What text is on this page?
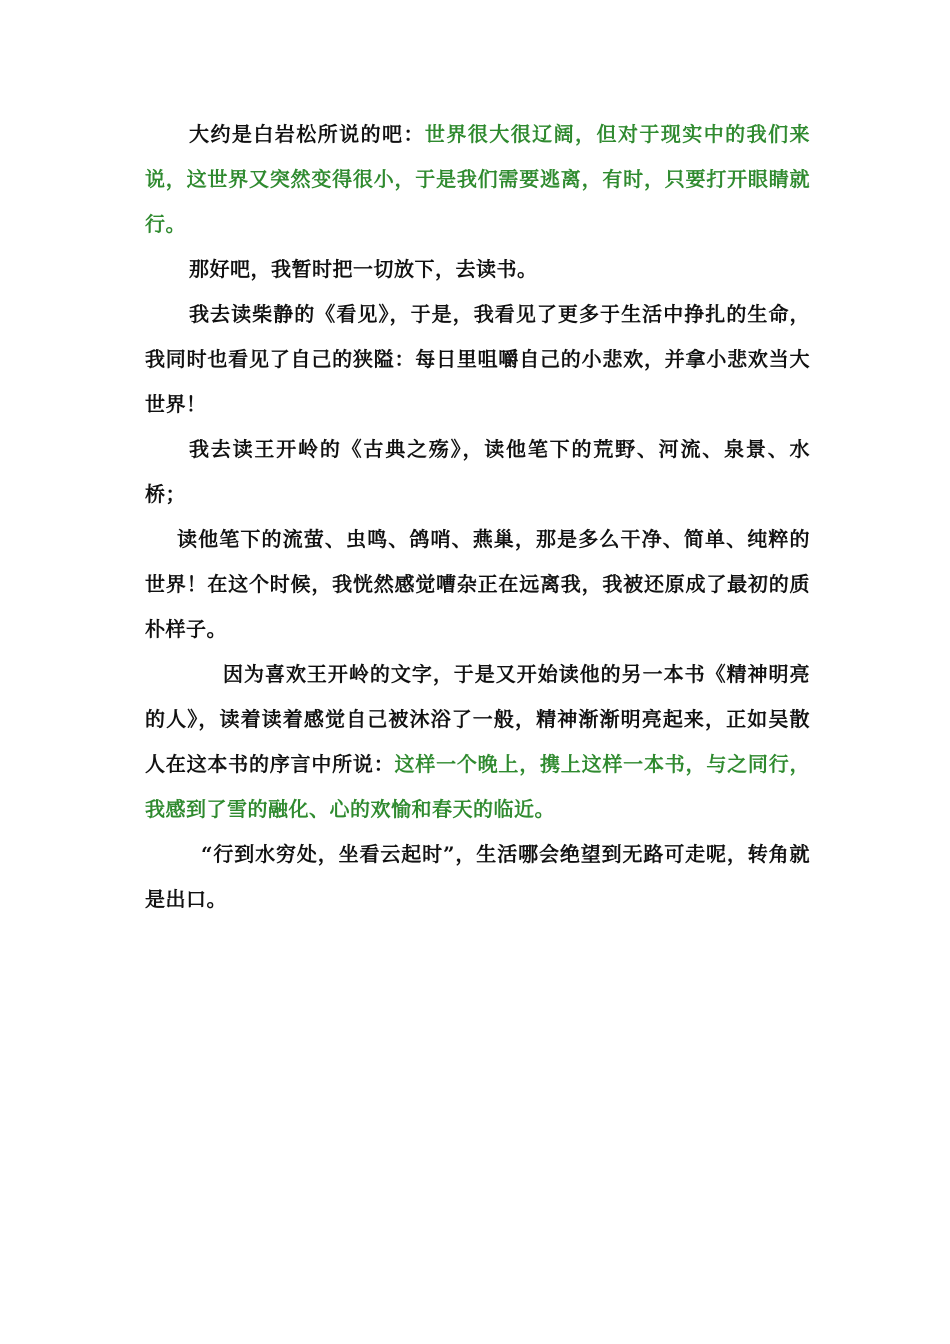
大约是白岩松所说的吧：世界很大很辽阔，但对于现实中的我们来说，这世界又突然变得很小，于是我们需要逃离，有时，只要打开眼睛就行。

那好吧，我暂时把一切放下，去读书。

我去读柴静的《看见》，于是，我看见了更多于生活中挣扎的生命，我同时也看见了自己的狭隘：每日里咀嚼自己的小悲欢，并拿小悲欢当大世界！

我去读王开岭的《古典之殇》，读他笔下的荒野、河流、泉景、水桥；

读他笔下的流萤、虫鸣、鸽哨、燕巢，那是多么干净、简单、纯粹的世界！在这个时候，我恍然感觉嘈杂正在远离我，我被还原成了最初的质朴样子。

因为喜欢王开岭的文字，于是又开始读他的另一本书《精神明亮的人》，读着读着感觉自己被沐浴了一般，精神渐渐明亮起来，正如吴散人在这本书的序言中所说：这样一个晚上，携上这样一本书，与之同行，我感到了雪的融化、心的欢愉和春天的临近。

“行到水穷处，坐看云起时”，生活哪会绝望到无路可走呢，转角就是出口。
